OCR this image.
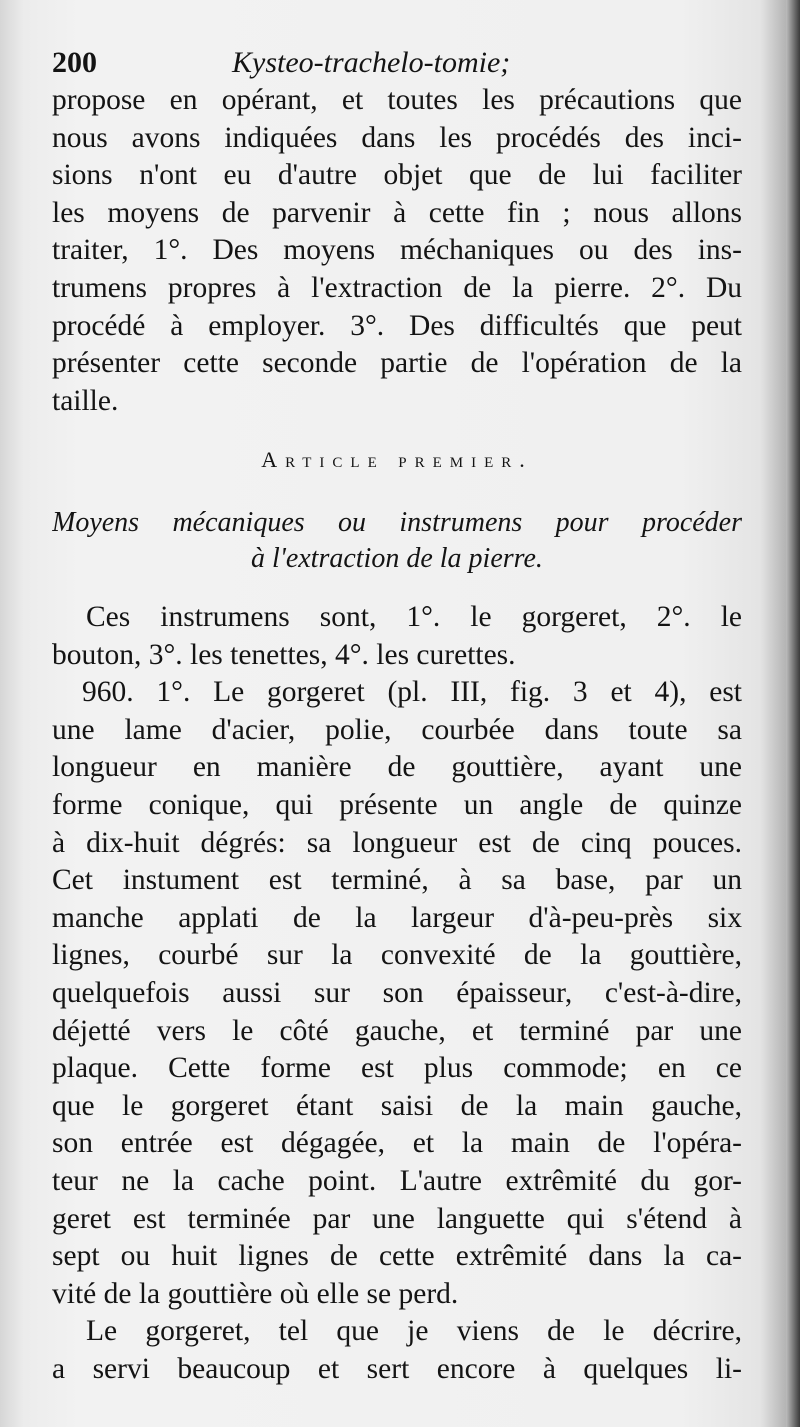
200	Kysteo-trachelo-tomie;
propose en opérant, et toutes les précautions que
nous avons indiquées dans les procédés des inci-
sions n'ont eu d'autre objet que de lui faciliter
les moyens de parvenir à cette fin ; nous allons
traiter, 1°. Des moyens méchaniques ou des ins-
trumens propres à l'extraction de la pierre. 2°. Du
procédé à employer. 3°. Des difficultés que peut
présenter cette seconde partie de l'opération de la
taille.
Article premier.
Moyens mécaniques ou instrumens pour procéder
à l'extraction de la pierre.
Ces instrumens sont, 1°. le gorgeret, 2°. le
bouton, 3°. les tenettes, 4°. les curettes.
960. 1°. Le gorgeret (pl. III, fig. 3 et 4), est
une lame d'acier, polie, courbée dans toute sa
longueur en manière de gouttière, ayant une
forme conique, qui présente un angle de quinze
à dix-huit dégrés: sa longueur est de cinq pouces.
Cet instument est terminé, à sa base, par un
manche applati de la largeur d'à-peu-près six
lignes, courbé sur la convexité de la gouttière,
quelquefois aussi sur son épaisseur, c'est-à-dire,
déjetté vers le côté gauche, et terminé par une
plaque. Cette forme est plus commode; en ce
que le gorgeret étant saisi de la main gauche,
son entrée est dégagée, et la main de l'opéra-
teur ne la cache point. L'autre extrêmité du gor-
geret est terminée par une languette qui s'étend à
sept ou huit lignes de cette extrêmité dans la ca-
vité de la gouttière où elle se perd.
Le gorgeret, tel que je viens de le décrire,
a servi beaucoup et sert encore à quelques li-
